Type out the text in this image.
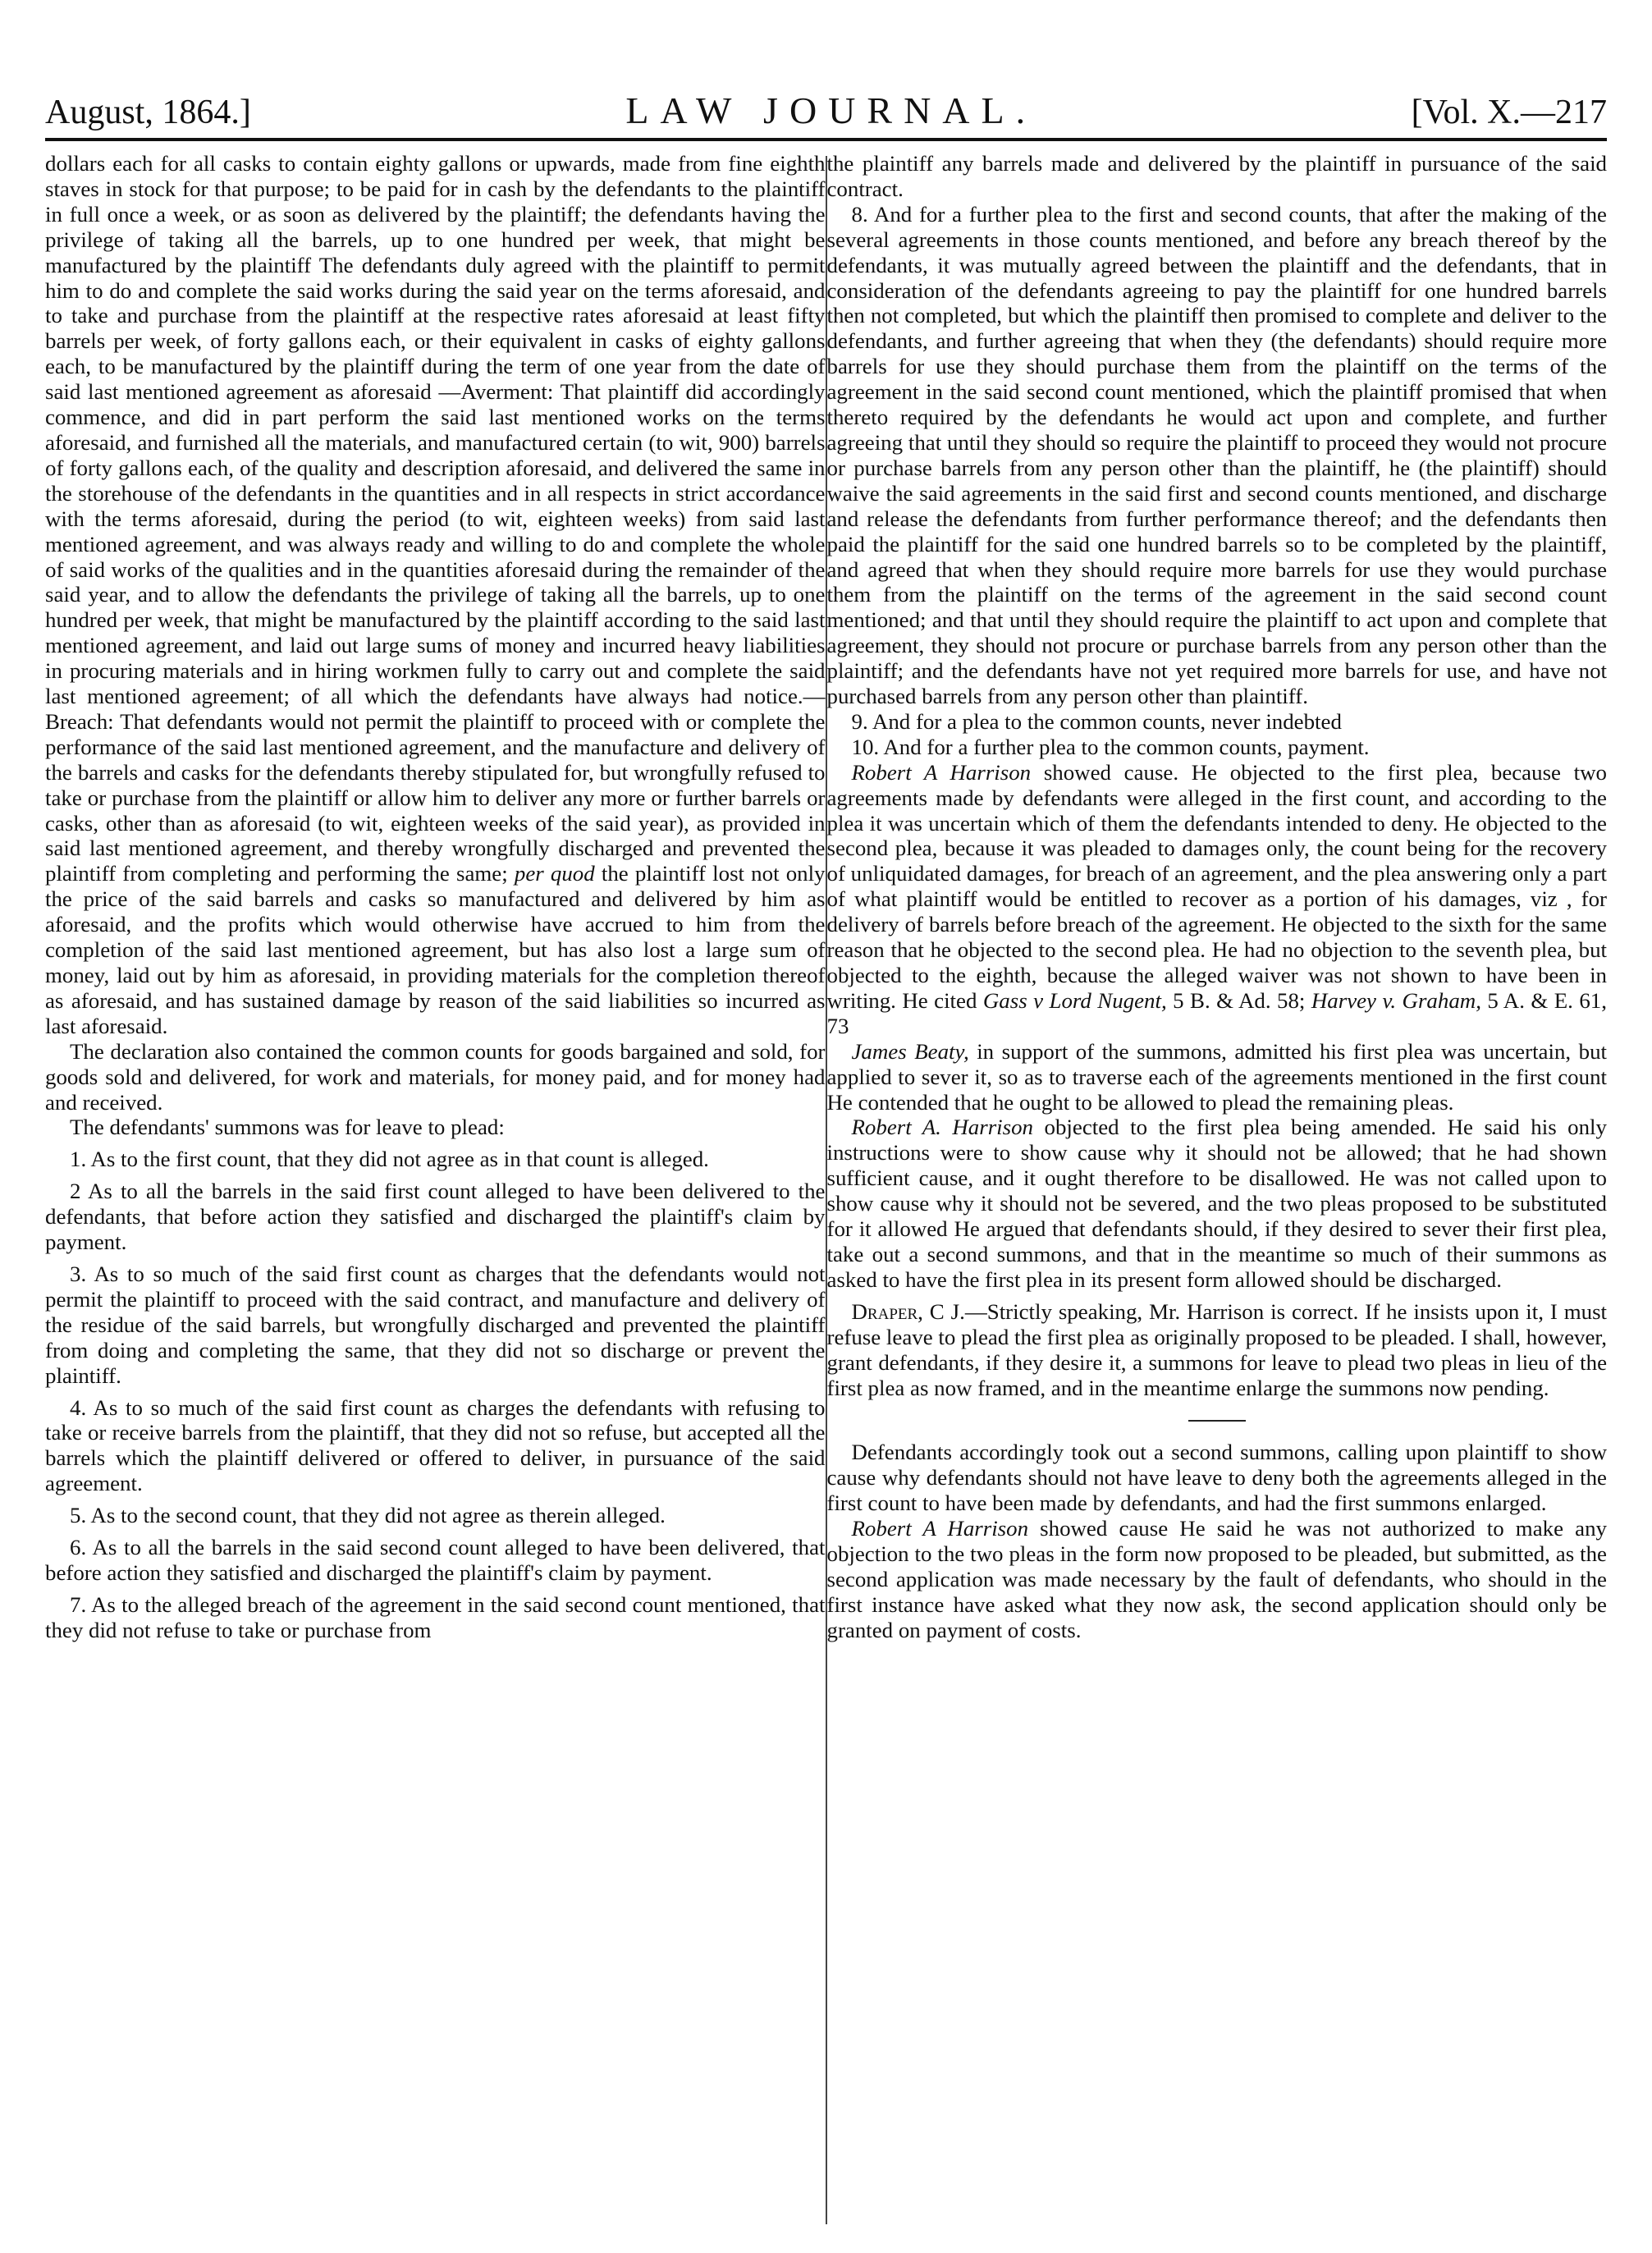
August, 1864.]	LAW JOURNAL.	[Vol. X.—217

dollars each for all casks to contain eighty gallons or upwards, made from fine eighth staves in stock for that purpose; to be paid for in cash by the defendants to the plaintiff in full once a week, or as soon as delivered by the plaintiff; the defendants having the privilege of taking all the barrels, up to one hundred per week, that might be manufactured by the plaintiff The defendants duly agreed with the plaintiff to permit him to do and complete the said works during the said year on the terms aforesaid, and to take and purchase from the plaintiff at the respective rates aforesaid at least fifty barrels per week, of forty gallons each, or their equivalent in casks of eighty gallons each, to be manufactured by the plaintiff during the term of one year from the date of said last mentioned agreement as aforesaid —Averment: That plaintiff did accordingly commence, and did in part perform the said last mentioned works on the terms aforesaid, and furnished all the materials, and manufactured certain (to wit, 900) barrels of forty gallons each, of the quality and description aforesaid, and delivered the same in the storehouse of the defendants in the quantities and in all respects in strict accordance with the terms aforesaid, during the period (to wit, eighteen weeks) from said last mentioned agreement, and was always ready and willing to do and complete the whole of said works of the qualities and in the quantities aforesaid during the remainder of the said year, and to allow the defendants the privilege of taking all the barrels, up to one hundred per week, that might be manufactured by the plaintiff according to the said last mentioned agreement, and laid out large sums of money and incurred heavy liabilities in procuring materials and in hiring workmen fully to carry out and complete the said last mentioned agreement; of all which the defendants have always had notice.—Breach: That defendants would not permit the plaintiff to proceed with or complete the performance of the said last mentioned agreement, and the manufacture and delivery of the barrels and casks for the defendants thereby stipulated for, but wrongfully refused to take or purchase from the plaintiff or allow him to deliver any more or further barrels or casks, other than as aforesaid (to wit, eighteen weeks of the said year), as provided in said last mentioned agreement, and thereby wrongfully discharged and prevented the plaintiff from completing and performing the same; per quod the plaintiff lost not only the price of the said barrels and casks so manufactured and delivered by him as aforesaid, and the profits which would otherwise have accrued to him from the completion of the said last mentioned agreement, but has also lost a large sum of money, laid out by him as aforesaid, in providing materials for the completion thereof as aforesaid, and has sustained damage by reason of the said liabilities so incurred as last aforesaid.

The declaration also contained the common counts for goods bargained and sold, for goods sold and delivered, for work and materials, for money paid, and for money had and received.

The defendants' summons was for leave to plead:

1. As to the first count, that they did not agree as in that count is alleged.

2 As to all the barrels in the said first count alleged to have been delivered to the defendants, that before action they satisfied and discharged the plaintiff's claim by payment.

3. As to so much of the said first count as charges that the defendants would not permit the plaintiff to proceed with the said contract, and manufacture and delivery of the residue of the said barrels, but wrongfully discharged and prevented the plaintiff from doing and completing the same, that they did not so discharge or prevent the plaintiff.

4. As to so much of the said first count as charges the defendants with refusing to take or receive barrels from the plaintiff, that they did not so refuse, but accepted all the barrels which the plaintiff delivered or offered to deliver, in pursuance of the said agreement.

5. As to the second count, that they did not agree as therein alleged.

6. As to all the barrels in the said second count alleged to have been delivered, that before action they satisfied and discharged the plaintiff's claim by payment.

7. As to the alleged breach of the agreement in the said second count mentioned, that they did not refuse to take or purchase from

the plaintiff any barrels made and delivered by the plaintiff in pursuance of the said contract.

8. And for a further plea to the first and second counts, that after the making of the several agreements in those counts mentioned, and before any breach thereof by the defendants, it was mutually agreed between the plaintiff and the defendants, that in consideration of the defendants agreeing to pay the plaintiff for one hundred barrels then not completed, but which the plaintiff then promised to complete and deliver to the defendants, and further agreeing that when they (the defendants) should require more barrels for use they should purchase them from the plaintiff on the terms of the agreement in the said second count mentioned, which the plaintiff promised that when thereto required by the defendants he would act upon and complete, and further agreeing that until they should so require the plaintiff to proceed they would not procure or purchase barrels from any person other than the plaintiff, he (the plaintiff) should waive the said agreements in the said first and second counts mentioned, and discharge and release the defendants from further performance thereof; and the defendants then paid the plaintiff for the said one hundred barrels so to be completed by the plaintiff, and agreed that when they should require more barrels for use they would purchase them from the plaintiff on the terms of the agreement in the said second count mentioned; and that until they should require the plaintiff to act upon and complete that agreement, they should not procure or purchase barrels from any person other than the plaintiff; and the defendants have not yet required more barrels for use, and have not purchased barrels from any person other than plaintiff.

9. And for a plea to the common counts, never indebted

10. And for a further plea to the common counts, payment.

Robert A Harrison showed cause. He objected to the first plea, because two agreements made by defendants were alleged in the first count, and according to the plea it was uncertain which of them the defendants intended to deny. He objected to the second plea, because it was pleaded to damages only, the count being for the recovery of unliquidated damages, for breach of an agreement, and the plea answering only a part of what plaintiff would be entitled to recover as a portion of his damages, viz , for delivery of barrels before breach of the agreement. He objected to the sixth for the same reason that he objected to the second plea. He had no objection to the seventh plea, but objected to the eighth, because the alleged waiver was not shown to have been in writing. He cited Gass v Lord Nugent, 5 B. & Ad. 58; Harvey v. Graham, 5 A. & E. 61, 73

James Beaty, in support of the summons, admitted his first plea was uncertain, but applied to sever it, so as to traverse each of the agreements mentioned in the first count He contended that he ought to be allowed to plead the remaining pleas.

Robert A. Harrison objected to the first plea being amended. He said his only instructions were to show cause why it should not be allowed; that he had shown sufficient cause, and it ought therefore to be disallowed. He was not called upon to show cause why it should not be severed, and the two pleas proposed to be substituted for it allowed He argued that defendants should, if they desired to sever their first plea, take out a second summons, and that in the meantime so much of their summons as asked to have the first plea in its present form allowed should be discharged.

Draper, C J.—Strictly speaking, Mr. Harrison is correct. If he insists upon it, I must refuse leave to plead the first plea as originally proposed to be pleaded. I shall, however, grant defendants, if they desire it, a summons for leave to plead two pleas in lieu of the first plea as now framed, and in the meantime enlarge the summons now pending.

Defendants accordingly took out a second summons, calling upon plaintiff to show cause why defendants should not have leave to deny both the agreements alleged in the first count to have been made by defendants, and had the first summons enlarged.

Robert A Harrison showed cause He said he was not authorized to make any objection to the two pleas in the form now proposed to be pleaded, but submitted, as the second application was made necessary by the fault of defendants, who should in the first instance have asked what they now ask, the second application should only be granted on payment of costs.
